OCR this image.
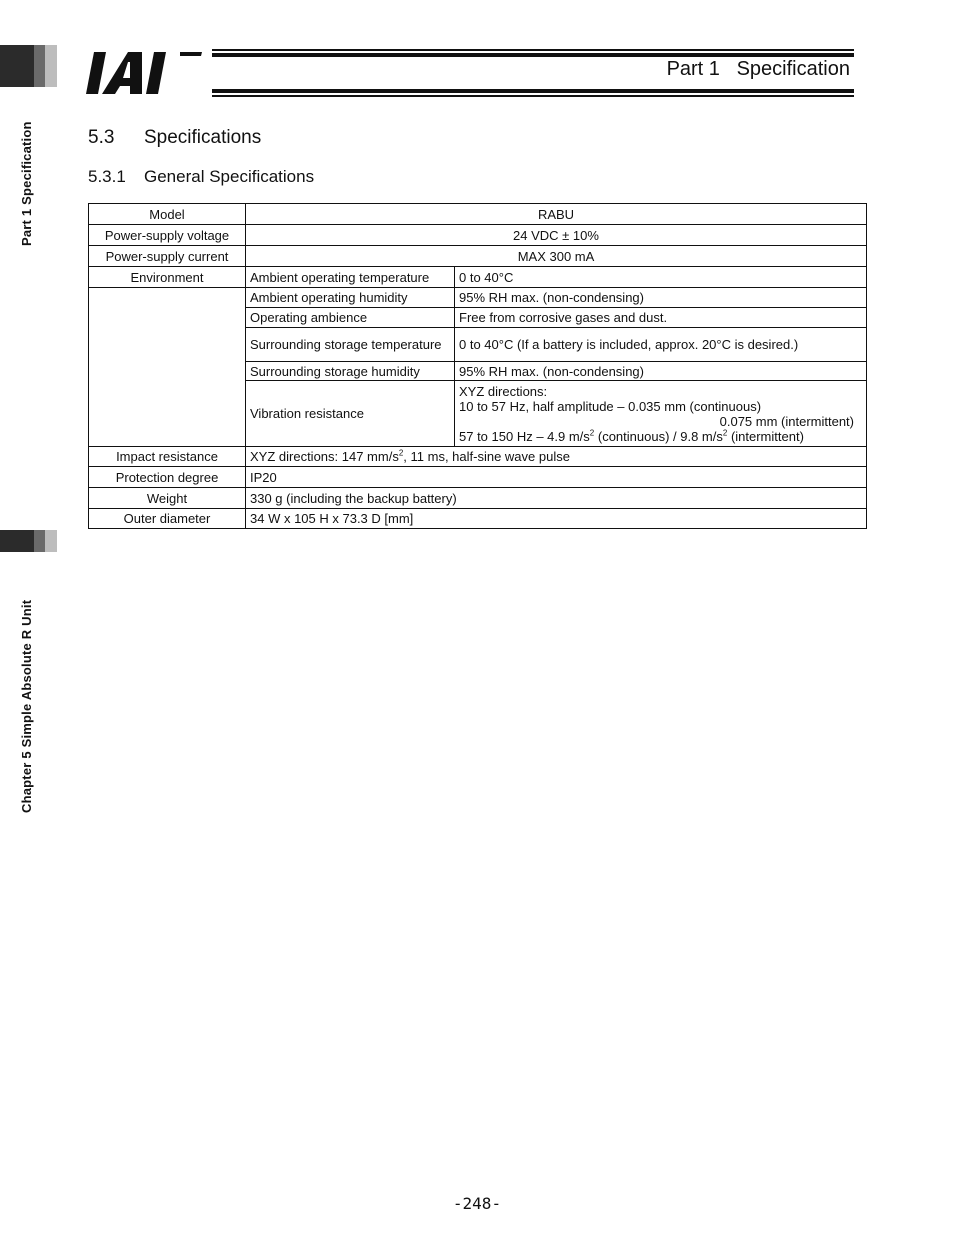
Part 1 Specification
Chapter 5 Simple Absolute R Unit
Part 1   Specification
5.3 Specifications
5.3.1 General Specifications
Model	RABU	
Power-supply voltage	24 VDC ± 10%	
Power-supply current	MAX 300 mA	
Environment	Ambient operating temperature	0 to 40°C
	Ambient operating humidity	95% RH max. (non-condensing)
	Operating ambience	Free from corrosive gases and dust.
	Surrounding storage temperature	0 to 40°C (If a battery is included, approx. 20°C is desired.)
	Surrounding storage humidity	95% RH max. (non-condensing)
	Vibration resistance	XYZ directions:
10 to 57 Hz, half amplitude – 0.035 mm (continuous)
0.075 mm (intermittent)
57 to 150 Hz – 4.9 $m/s^2$ (continuous) / 9.8 $m/s^2$ (intermittent)

Impact resistance	XYZ directions: 147 $mm/s^2$, 11 ms, half-sine wave pulse	
Protection degree	IP20	
Weight	330 g (including the backup battery)	
Outer diameter	34 W x 105 H x 73.3 D [mm]	
-248-
